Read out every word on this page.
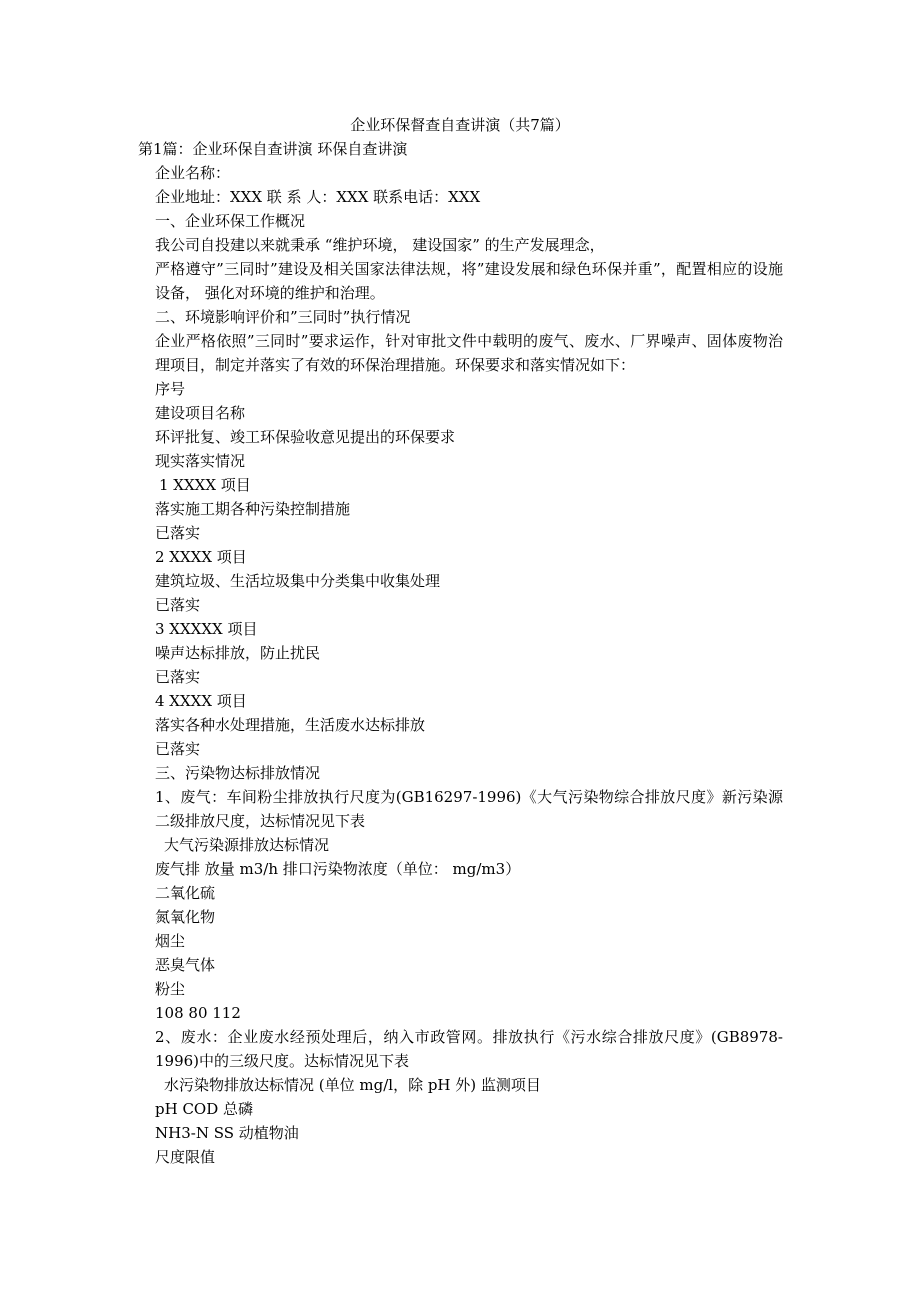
企业环保督查自查讲演（共7篇）
第1篇：企业环保自查讲演 环保自查讲演
企业名称：
企业地址：XXX 联 系 人：XXX 联系电话：XXX
一、企业环保工作概况
我公司自投建以来就秉承 “维护环境， 建设国家” 的生产发展理念，
严格遵守”三同时”建设及相关国家法律法规，将”建设发展和绿色环保并重”，配置相应的设施设备， 强化对环境的维护和治理。
二、环境影响评价和”三同时”执行情况
企业严格依照”三同时”要求运作，针对审批文件中载明的废气、废水、厂界噪声、固体废物治理项目，制定并落实了有效的环保治理措施。环保要求和落实情况如下：
序号
建设项目名称
环评批复、竣工环保验收意见提出的环保要求
现实落实情况
1 XXXX 项目
落实施工期各种污染控制措施
已落实
2 XXXX 项目
建筑垃圾、生活垃圾集中分类集中收集处理
已落实
3 XXXXX 项目
噪声达标排放，防止扰民
已落实
4 XXXX 项目
落实各种水处理措施，生活废水达标排放
已落实
三、污染物达标排放情况
1、废气：车间粉尘排放执行尺度为(GB16297-1996)《大气污染物综合排放尺度》新污染源二级排放尺度，达标情况见下表
大气污染源排放达标情况
废气排 放量 m3/h 排口污染物浓度（单位： mg/m3）
二氧化硫
氮氧化物
烟尘
恶臭气体
粉尘
108 80 112
2、废水：企业废水经预处理后，纳入市政管网。排放执行《污水综合排放尺度》(GB8978-1996)中的三级尺度。达标情况见下表
水污染物排放达标情况 (单位 mg/l，除 pH 外) 监测项目
pH COD 总磷
NH3-N SS 动植物油
尺度限值
